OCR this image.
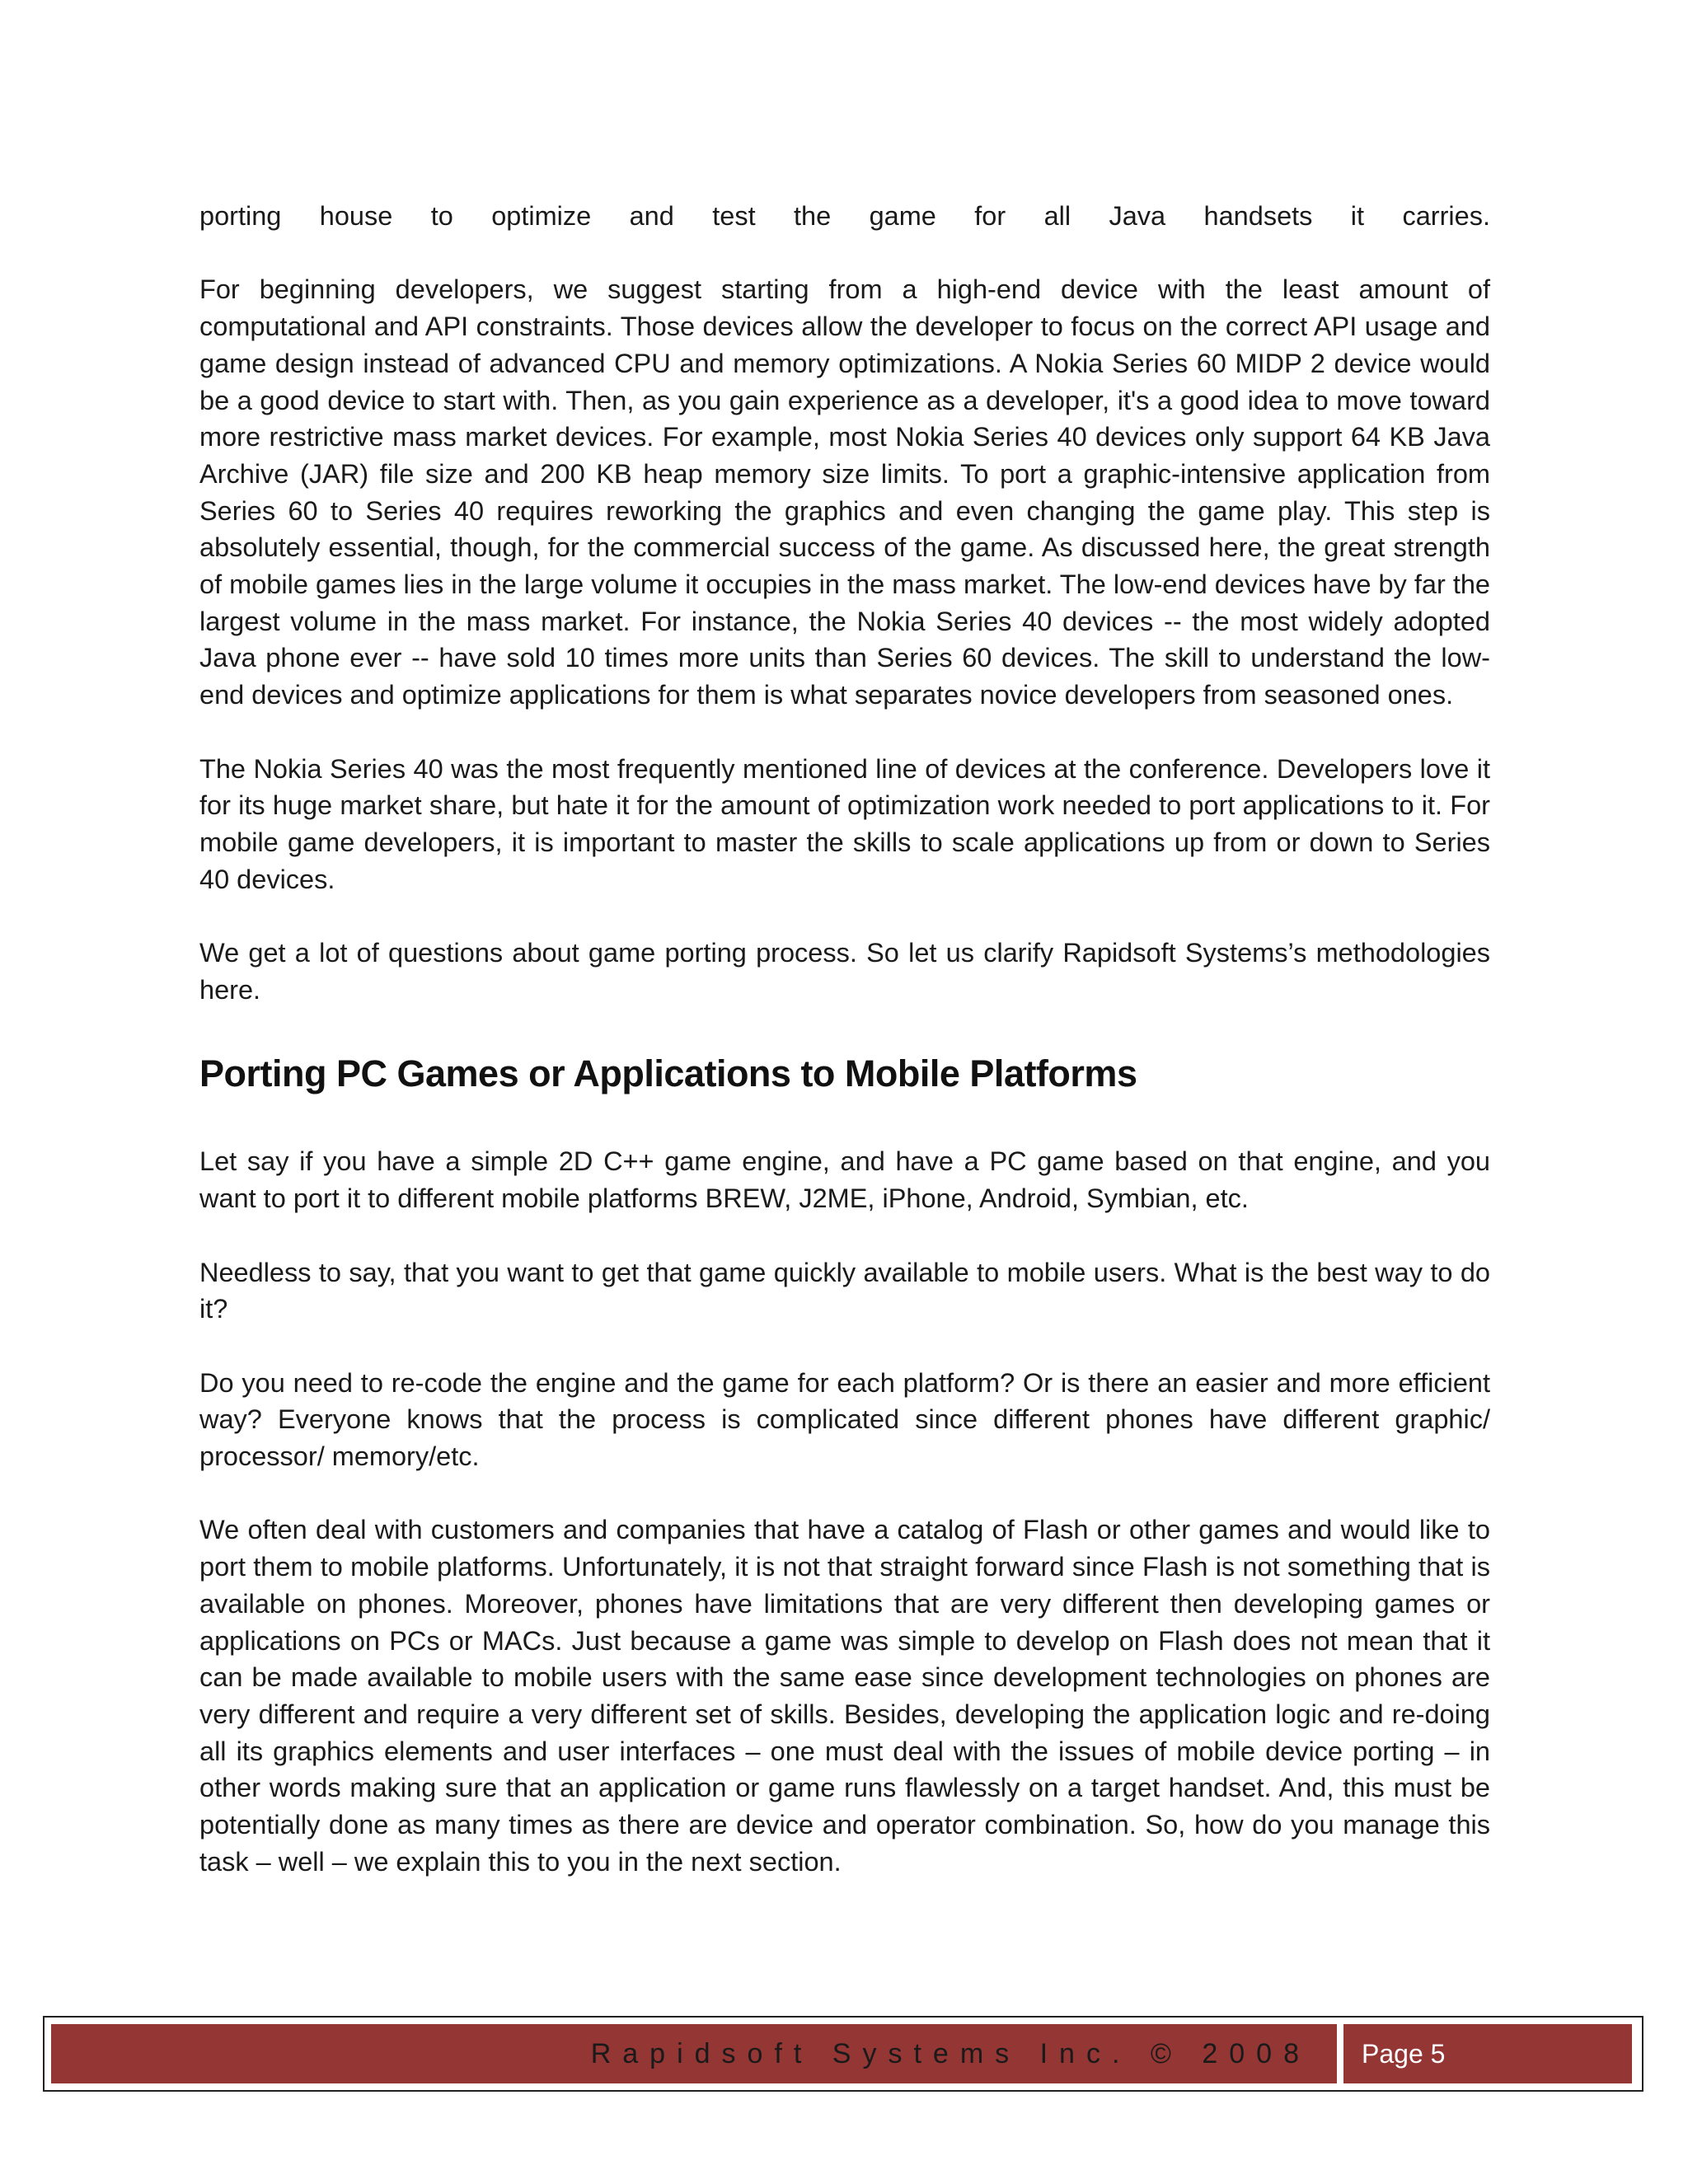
porting house to optimize and test the game for all Java handsets it carries.

For beginning developers, we suggest starting from a high-end device with the least amount of computational and API constraints. Those devices allow the developer to focus on the correct API usage and game design instead of advanced CPU and memory optimizations. A Nokia Series 60 MIDP 2 device would be a good device to start with. Then, as you gain experience as a developer, it's a good idea to move toward more restrictive mass market devices. For example, most Nokia Series 40 devices only support 64 KB Java Archive (JAR) file size and 200 KB heap memory size limits. To port a graphic-intensive application from Series 60 to Series 40 requires reworking the graphics and even changing the game play. This step is absolutely essential, though, for the commercial success of the game. As discussed here, the great strength of mobile games lies in the large volume it occupies in the mass market. The low-end devices have by far the largest volume in the mass market. For instance, the Nokia Series 40 devices -- the most widely adopted Java phone ever -- have sold 10 times more units than Series 60 devices. The skill to understand the low-end devices and optimize applications for them is what separates novice developers from seasoned ones.

The Nokia Series 40 was the most frequently mentioned line of devices at the conference. Developers love it for its huge market share, but hate it for the amount of optimization work needed to port applications to it. For mobile game developers, it is important to master the skills to scale applications up from or down to Series 40 devices.

We get a lot of questions about game porting process. So let us clarify Rapidsoft Systems’s methodologies here.

Porting PC Games or Applications to Mobile Platforms

Let say if you have a simple 2D C++ game engine, and have a PC game based on that engine, and you want to port it to different mobile platforms BREW, J2ME, iPhone, Android, Symbian, etc.

Needless to say, that you want to get that game quickly available to mobile users. What is the best way to do it?

Do you need to re-code the engine and the game for each platform? Or is there an easier and more efficient way? Everyone knows that the process is complicated since different phones have different graphic/ processor/ memory/etc.

We often deal with customers and companies that have a catalog of Flash or other games and would like to port them to mobile platforms. Unfortunately, it is not that straight forward since Flash is not something that is available on phones. Moreover, phones have limitations that are very different then developing games or applications on PCs or MACs. Just because a game was simple to develop on Flash does not mean that it can be made available to mobile users with the same ease since development technologies on phones are very different and require a very different set of skills. Besides, developing the application logic and re-doing all its graphics elements and user interfaces – one must deal with the issues of mobile device porting – in other words making sure that an application or game runs flawlessly on a target handset. And, this must be potentially done as many times as there are device and operator combination. So, how do you manage this task – well – we explain this to you in the next section.

Rapidsoft Systems Inc. © 2008 Page 5
